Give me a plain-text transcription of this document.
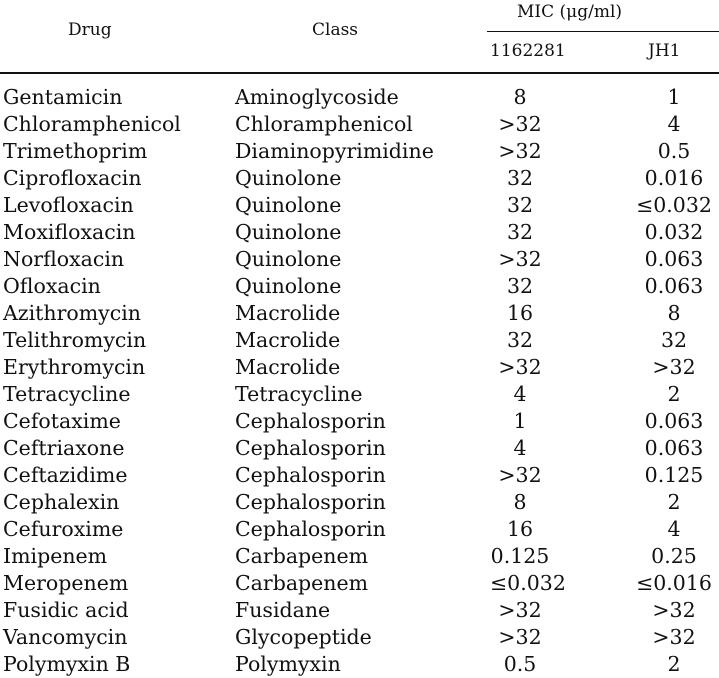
Drug	Class
MIC (μg/ml)
1162281	JH1
Gentamicin	Aminoglycoside	8	1
Chloramphenicol	Chloramphenicol	>32	4
Trimethoprim	Diaminopyrimidine	>32	0.5
Ciprofloxacin	Quinolone	32	0.016
Levofloxacin	Quinolone	32	≤0.032
Moxifloxacin	Quinolone	32	0.032
Norfloxacin	Quinolone	>32	0.063
Ofloxacin	Quinolone	32	0.063
Azithromycin	Macrolide	16	8
Telithromycin	Macrolide	32	32
Erythromycin	Macrolide	>32	>32
Tetracycline	Tetracycline	4	2
Cefotaxime	Cephalosporin	1	0.063
Ceftriaxone	Cephalosporin	4	0.063
Ceftazidime	Cephalosporin	>32	0.125
Cephalexin	Cephalosporin	8	2
Cefuroxime	Cephalosporin	16	4
Imipenem	Carbapenem	0.125	0.25
Meropenem	Carbapenem	≤0.032	≤0.016
Fusidic acid	Fusidane	>32	>32
Vancomycin	Glycopeptide	>32	>32
Polymyxin B	Polymyxin	0.5	2
